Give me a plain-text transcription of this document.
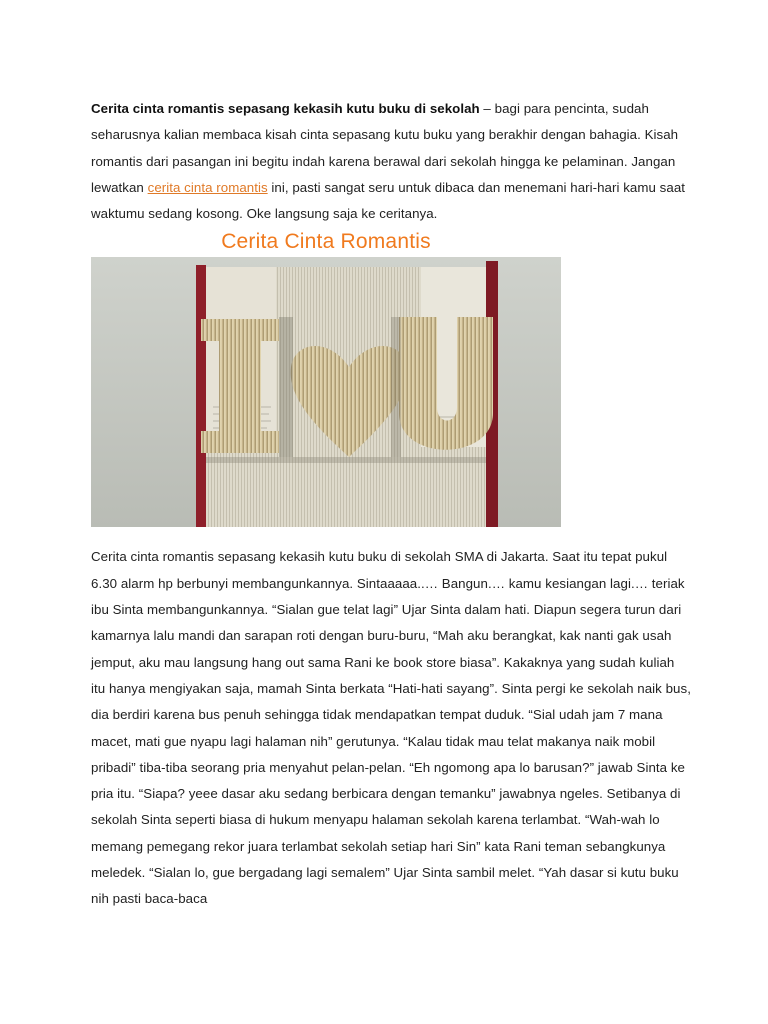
Cerita cinta romantis sepasang kekasih kutu buku di sekolah – bagi para pencinta, sudah seharusnya kalian membaca kisah cinta sepasang kutu buku yang berakhir dengan bahagia. Kisah romantis dari pasangan ini begitu indah karena berawal dari sekolah hingga ke pelaminan. Jangan lewatkan cerita cinta romantis ini, pasti sangat seru untuk dibaca dan menemani hari-hari kamu saat waktumu sedang kosong. Oke langsung saja ke ceritanya.

Cerita Cinta Romantis

Cerita cinta romantis sepasang kekasih kutu buku di sekolah SMA di Jakarta. Saat itu tepat pukul 6.30 alarm hp berbunyi membangunkannya. Sintaaaaa..… Bangun.… kamu kesiangan lagi.… teriak ibu Sinta membangunkannya. “Sialan gue telat lagi” Ujar Sinta dalam hati. Diapun segera turun dari kamarnya lalu mandi dan sarapan roti dengan buru-buru, “Mah aku berangkat, kak nanti gak usah jemput, aku mau langsung hang out sama Rani ke book store biasa”. Kakaknya yang sudah kuliah itu hanya mengiyakan saja, mamah Sinta berkata “Hati-hati sayang”. Sinta pergi ke sekolah naik bus, dia berdiri karena bus penuh sehingga tidak mendapatkan tempat duduk. “Sial udah jam 7 mana macet, mati gue nyapu lagi halaman nih” gerutunya. “Kalau tidak mau telat makanya naik mobil pribadi” tiba-tiba seorang pria menyahut pelan-pelan. “Eh ngomong apa lo barusan?” jawab Sinta ke pria itu. “Siapa? yeee dasar aku sedang berbicara dengan temanku” jawabnya ngeles. Setibanya di sekolah Sinta seperti biasa di hukum menyapu halaman sekolah karena terlambat. “Wah-wah lo memang pemegang rekor juara terlambat sekolah setiap hari Sin” kata Rani teman sebangkunya meledek. “Sialan lo, gue bergadang lagi semalem” Ujar Sinta sambil melet. “Yah dasar si kutu buku nih pasti baca-baca
